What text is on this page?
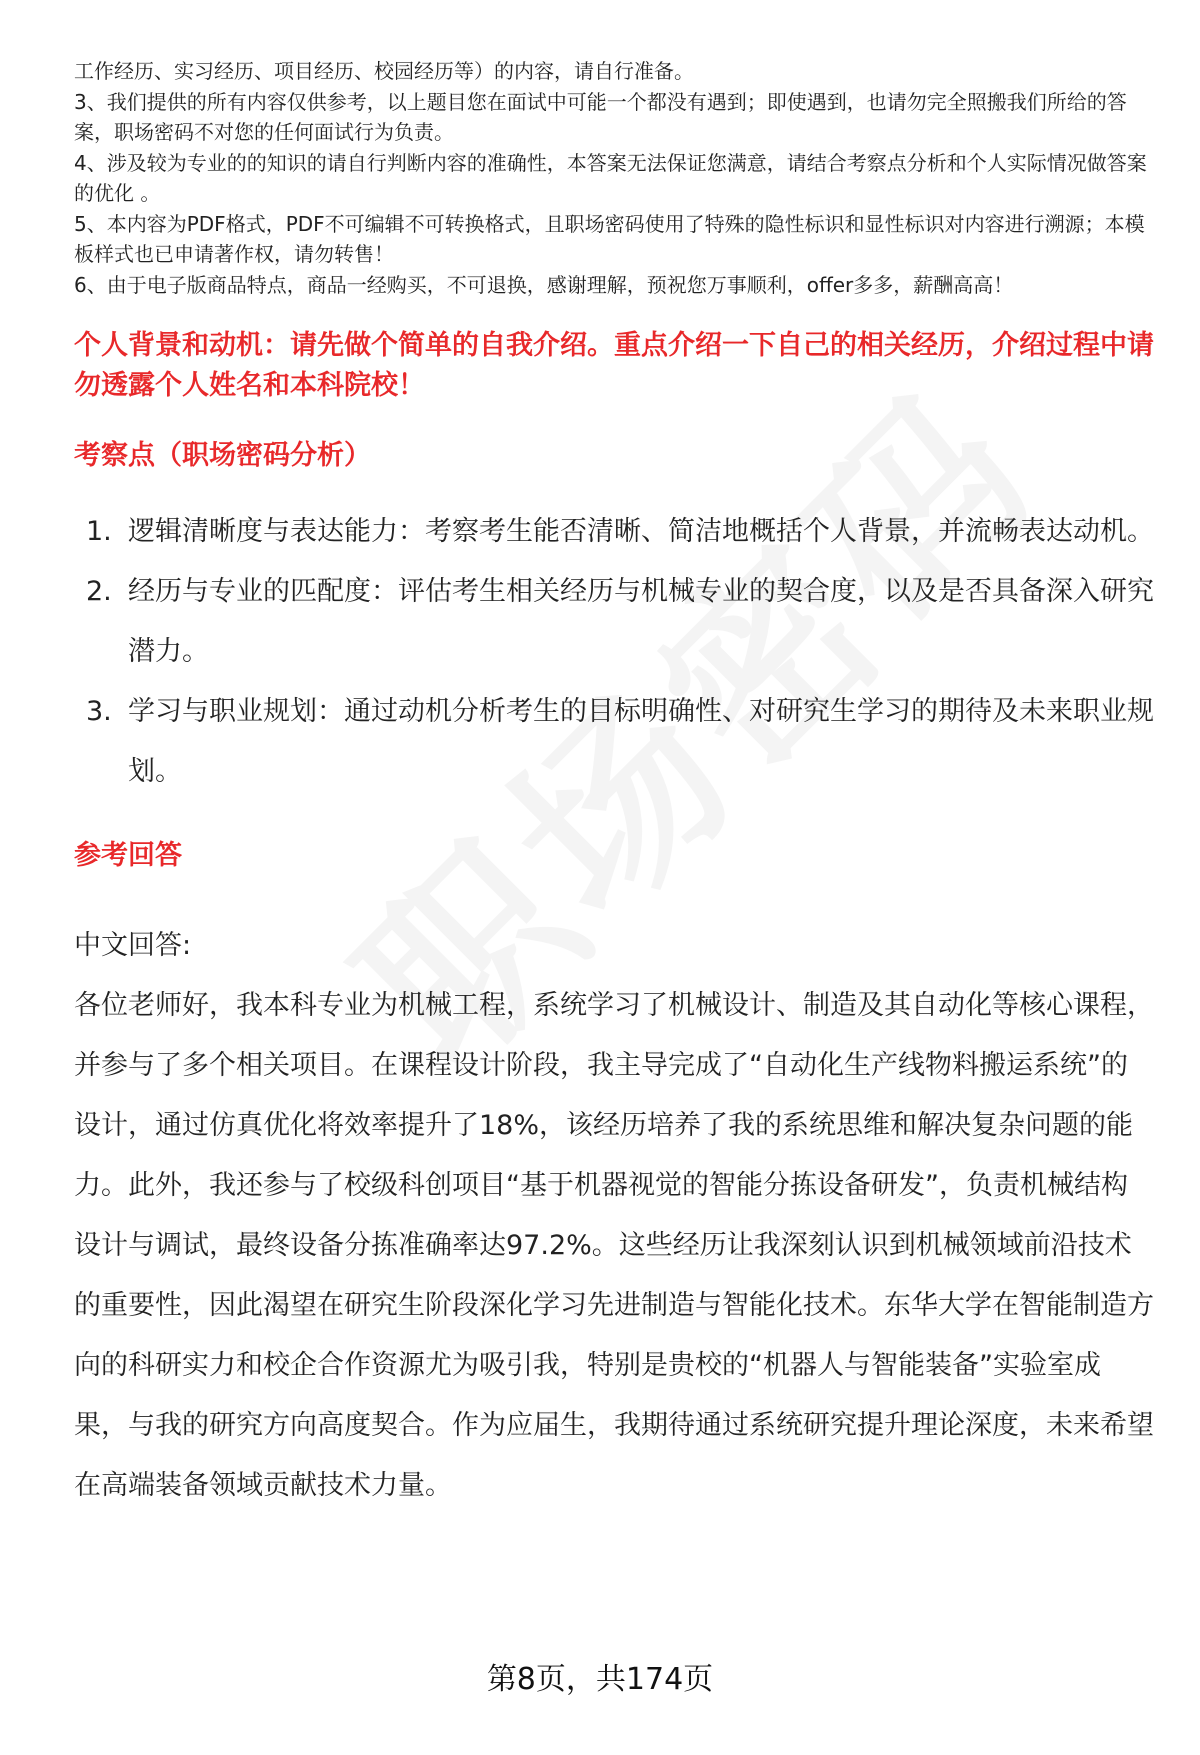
工作经历、实习经历、项目经历、校园经历等）的内容，请自行准备。

3、我们提供的所有内容仅供参考，以上题目您在面试中可能一个都没有遇到；即使遇到，也请勿完全照搬我们所给的答案，职场密码不对您的任何面试行为负责。

4、涉及较为专业的的知识的请自行判断内容的准确性，本答案无法保证您满意，请结合考察点分析和个人实际情况做答案的优化 。

5、本内容为PDF格式，PDF不可编辑不可转换格式，且职场密码使用了特殊的隐性标识和显性标识对内容进行溯源；本模板样式也已申请著作权，请勿转售！

6、由于电子版商品特点，商品一经购买，不可退换，感谢理解，预祝您万事顺利，offer多多，薪酬高高！

个人背景和动机：请先做个简单的自我介绍。重点介绍一下自己的相关经历，介绍过程中请勿透露个人姓名和本科院校！

考察点（职场密码分析）

1. 逻辑清晰度与表达能力：考察考生能否清晰、简洁地概括个人背景，并流畅表达动机。
2. 经历与专业的匹配度：评估考生相关经历与机械专业的契合度，以及是否具备深入研究潜力。
3. 学习与职业规划：通过动机分析考生的目标明确性、对研究生学习的期待及未来职业规划。

参考回答

中文回答:

各位老师好，我本科专业为机械工程，系统学习了机械设计、制造及其自动化等核心课程，并参与了多个相关项目。在课程设计阶段，我主导完成了“自动化生产线物料搬运系统”的设计，通过仿真优化将效率提升了18%，该经历培养了我的系统思维和解决复杂问题的能力。此外，我还参与了校级科创项目“基于机器视觉的智能分拣设备研发”，负责机械结构设计与调试，最终设备分拣准确率达97.2%。这些经历让我深刻认识到机械领域前沿技术的重要性，因此渴望在研究生阶段深化学习先进制造与智能化技术。东华大学在智能制造方向的科研实力和校企合作资源尤为吸引我，特别是贵校的“机器人与智能装备”实验室成果，与我的研究方向高度契合。作为应届生，我期待通过系统研究提升理论深度，未来希望在高端装备领域贡献技术力量。

第8页，共174页
